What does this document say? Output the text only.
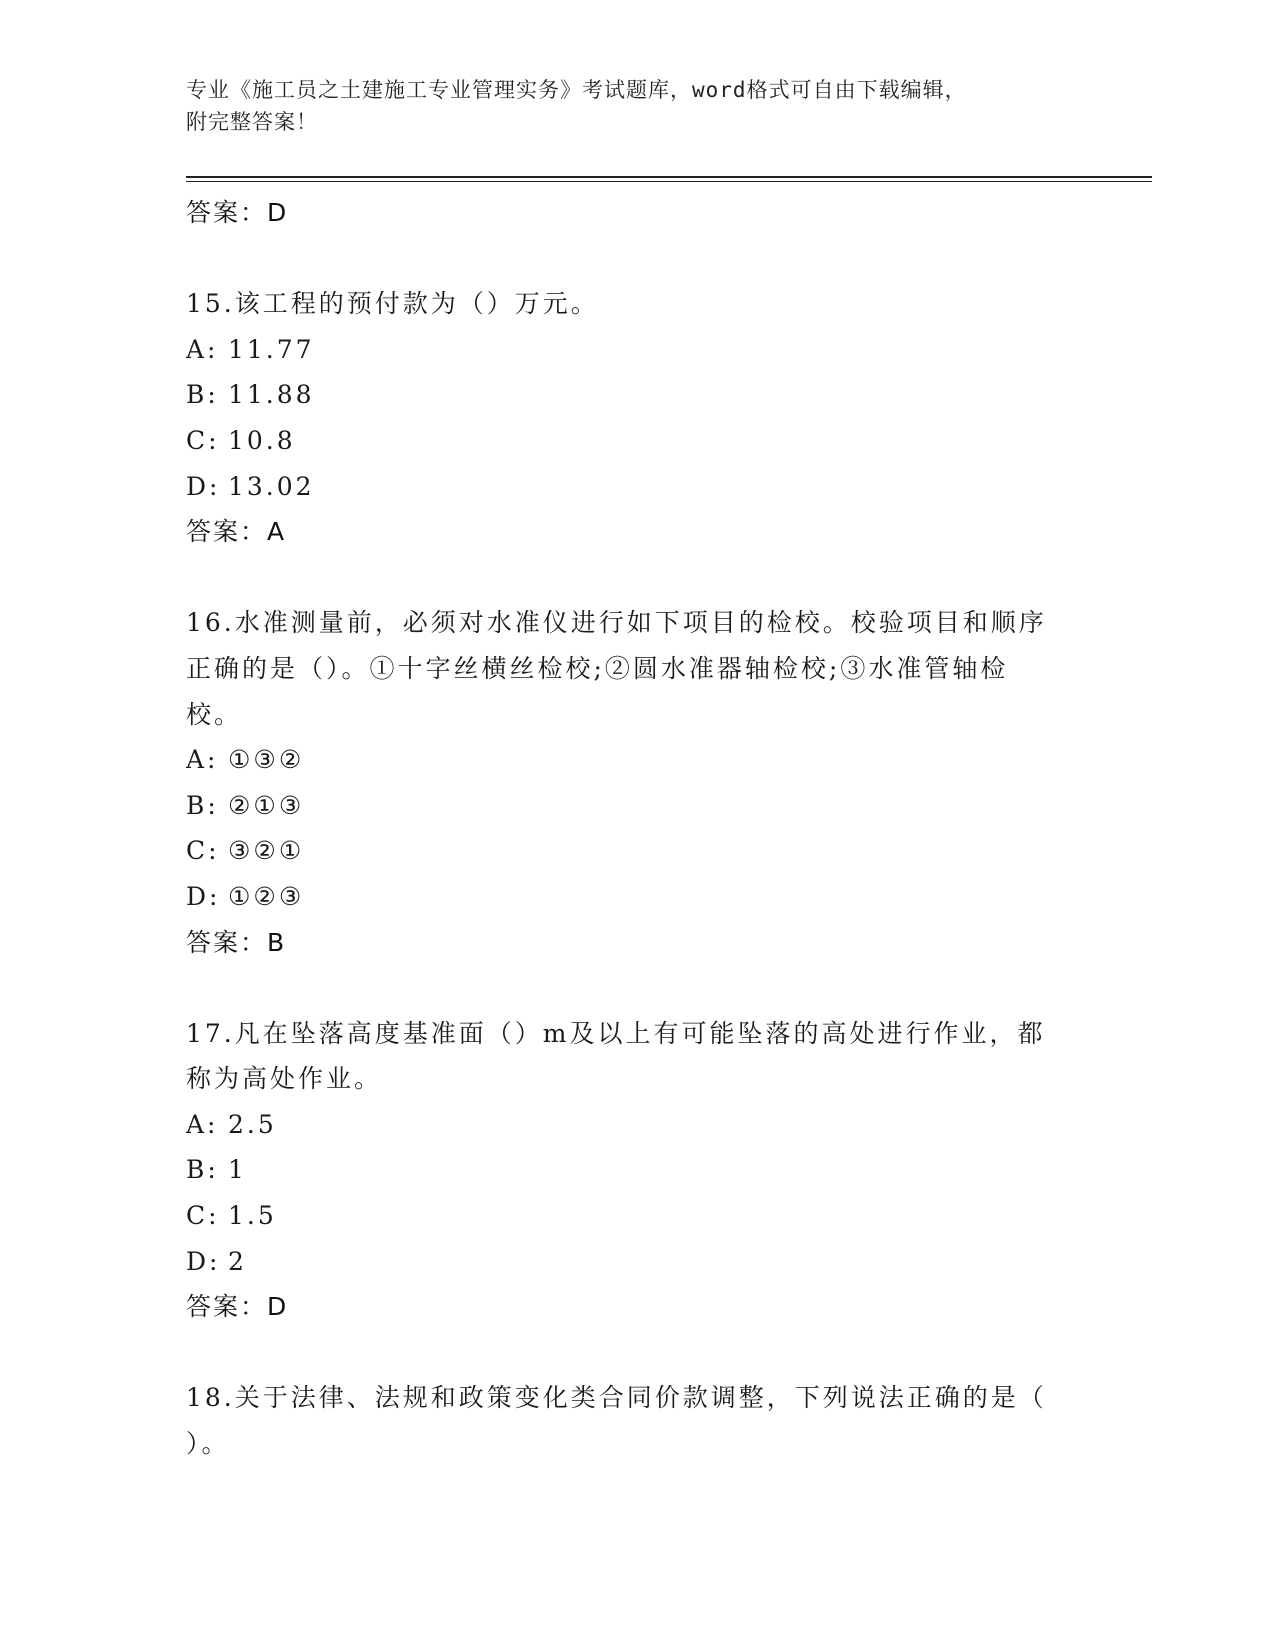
专业《施工员之土建施工专业管理实务》考试题库，word格式可自由下载编辑，
附完整答案！
答案：D
15.该工程的预付款为（）万元。
A: 11.77
B: 11.88
C: 10.8
D: 13.02
答案：A
16.水准测量前，必须对水准仪进行如下项目的检校。校验项目和顺序
正确的是（）。①十字丝横丝检校;②圆水准器轴检校;③水准管轴检
校。
A: ①③②
B: ②①③
C: ③②①
D: ①②③
答案：B
17.凡在坠落高度基准面（）m及以上有可能坠落的高处进行作业，都
称为高处作业。
A: 2.5
B: 1
C: 1.5
D: 2
答案：D
18.关于法律、法规和政策变化类合同价款调整，下列说法正确的是（
）。
